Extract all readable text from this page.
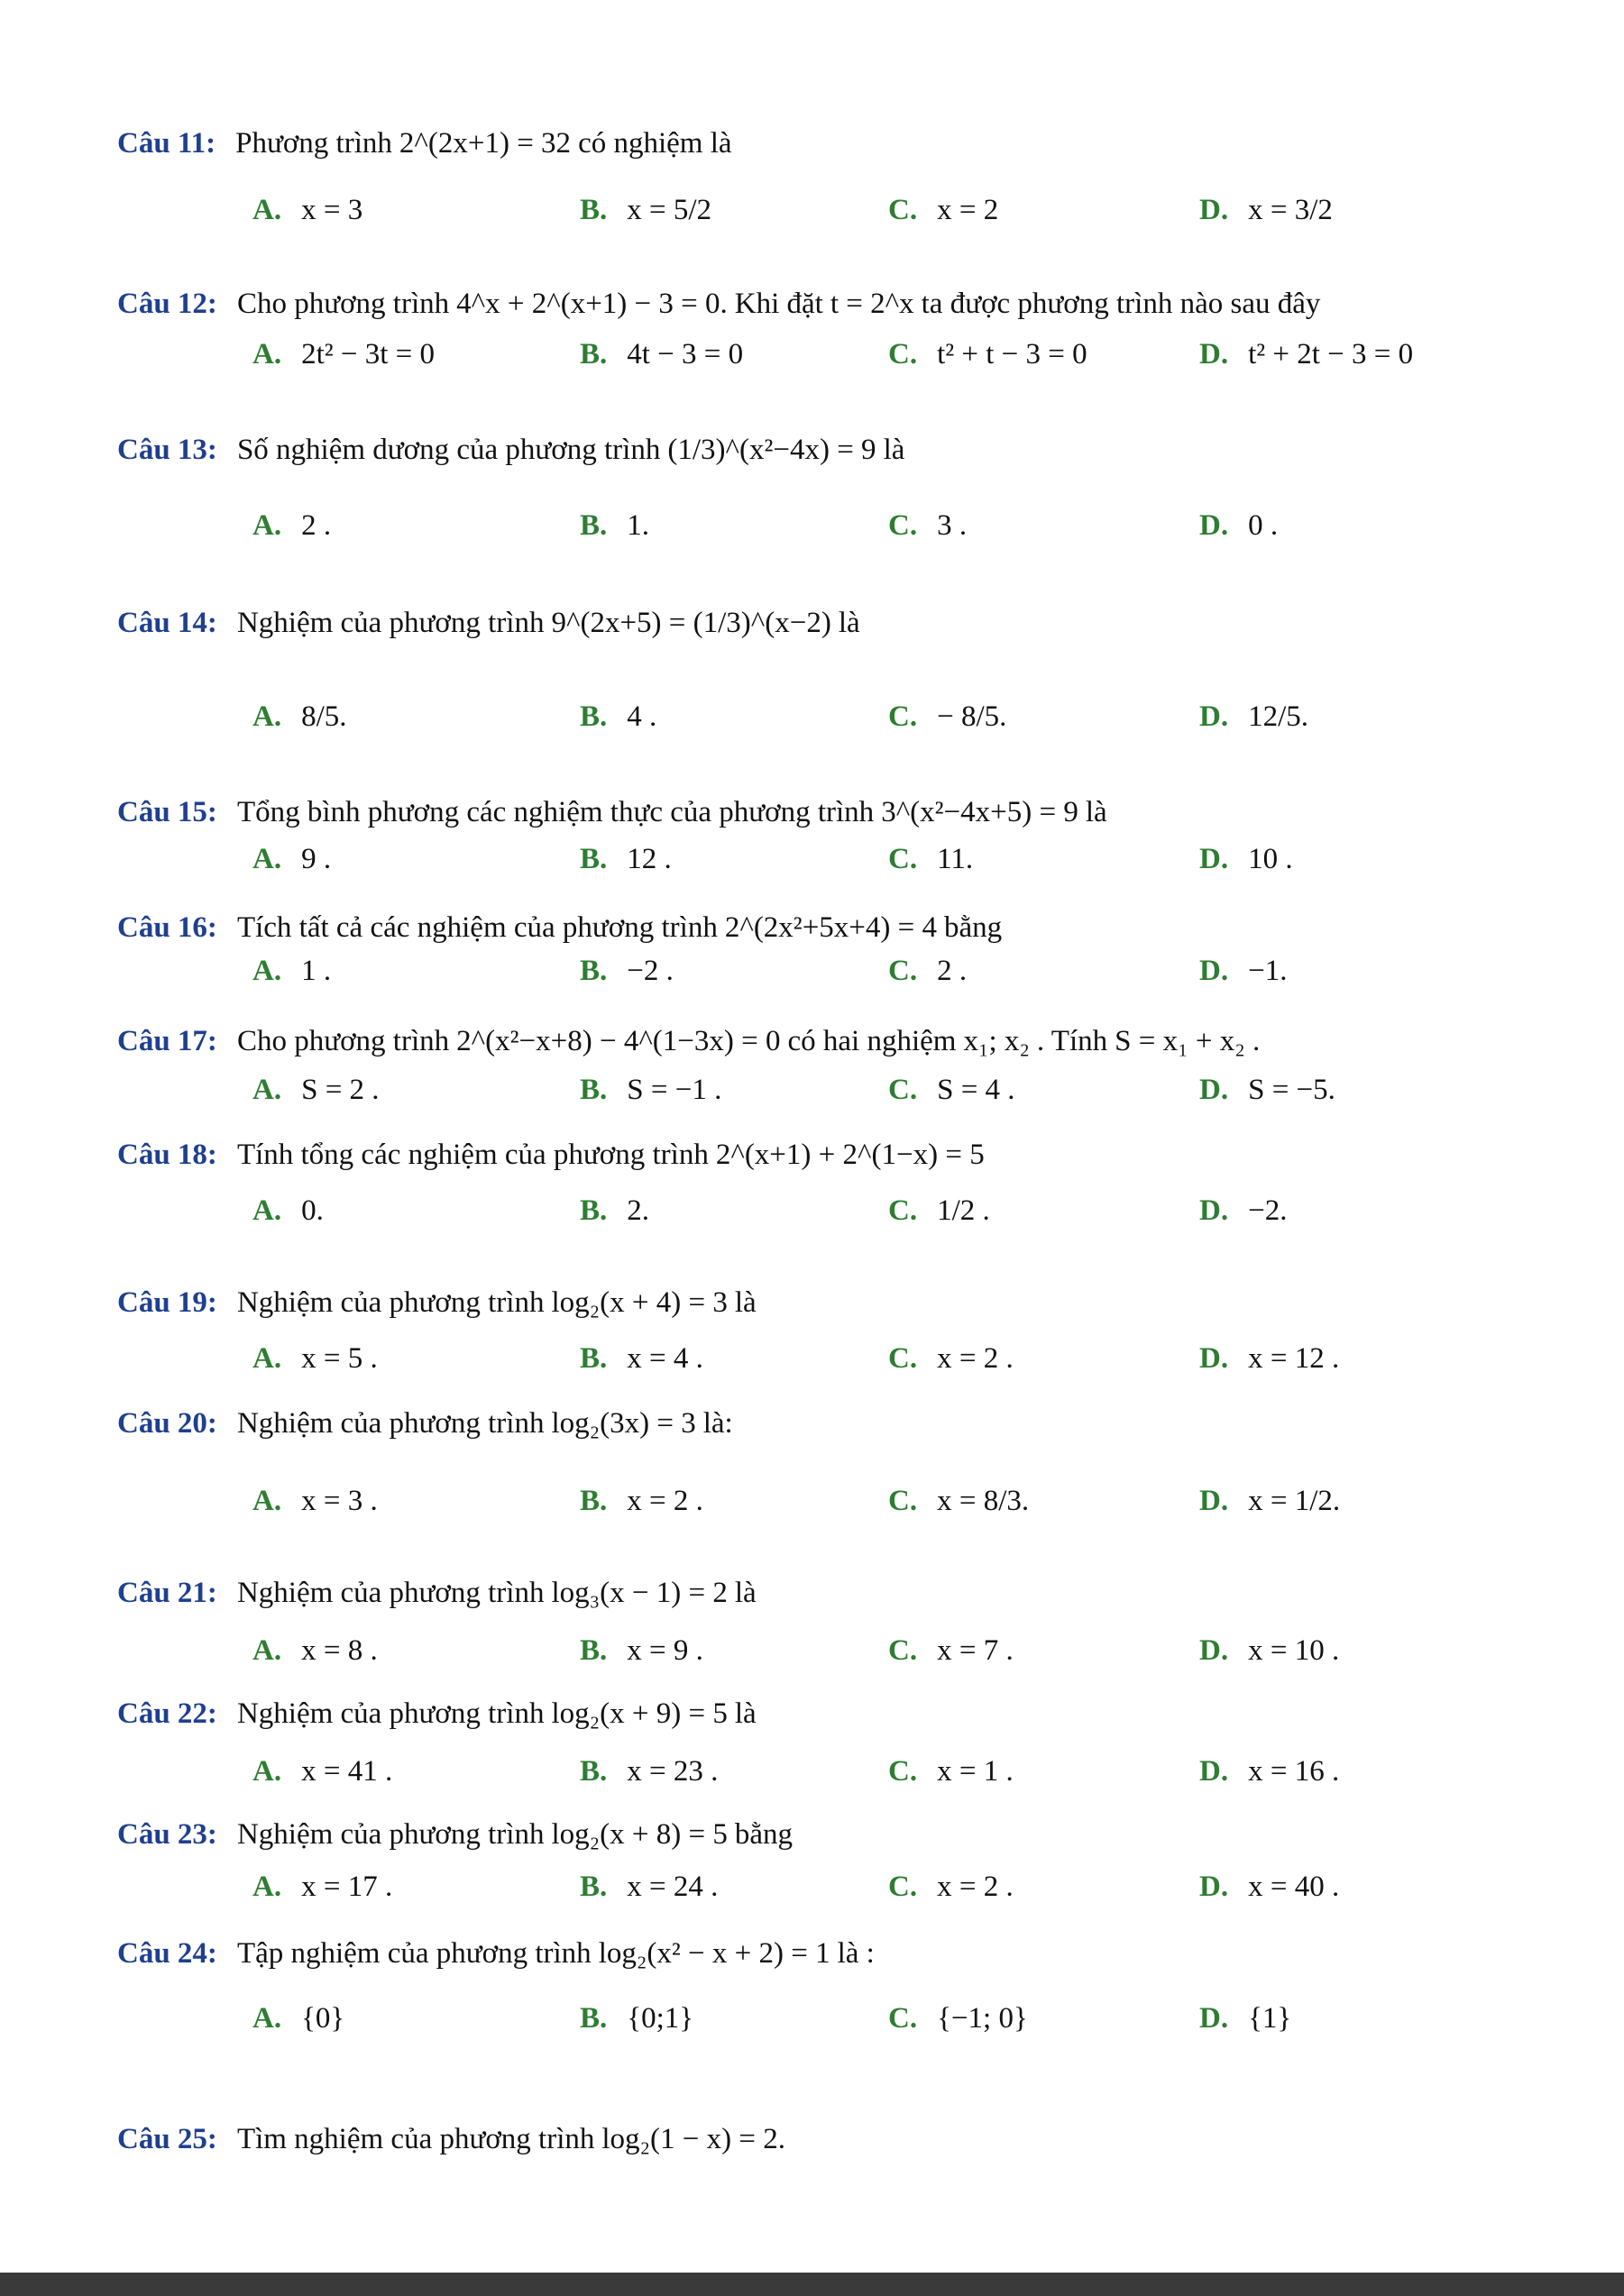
Câu 11: Phương trình 2^(2x+1) = 32 có nghiệm là
A. x = 3	B. x = 5/2	C. x = 2	D. x = 3/2
Câu 12: Cho phương trình 4^x + 2^(x+1) − 3 = 0. Khi đặt t = 2^x ta được phương trình nào sau đây
A. 2t² − 3t = 0	B. 4t − 3 = 0	C. t² + t − 3 = 0	D. t² + 2t − 3 = 0
Câu 13: Số nghiệm dương của phương trình (1/3)^(x²−4x) = 9 là
A. 2 .	B. 1.	C. 3 .	D. 0 .
Câu 14: Nghiệm của phương trình 9^(2x+5) = (1/3)^(x−2) là
A. 8/5.	B. 4 .	C. − 8/5.	D. 12/5.
Câu 15: Tổng bình phương các nghiệm thực của phương trình 3^(x²−4x+5) = 9 là
A. 9 .	B. 12 .	C. 11.	D. 10 .
Câu 16: Tích tất cả các nghiệm của phương trình 2^(2x²+5x+4) = 4 bằng
A. 1 .	B. −2 .	C. 2 .	D. −1.
Câu 17: Cho phương trình 2^(x²−x+8) − 4^(1−3x) = 0 có hai nghiệm x₁; x₂ . Tính S = x₁ + x₂ .
A. S = 2 .	B. S = −1 .	C. S = 4 .	D. S = −5.
Câu 18: Tính tổng các nghiệm của phương trình 2^(x+1) + 2^(1−x) = 5
A. 0.	B. 2.	C. 1/2 .	D. −2.
Câu 19: Nghiệm của phương trình log₂(x + 4) = 3 là
A. x = 5 .	B. x = 4 .	C. x = 2 .	D. x = 12 .
Câu 20: Nghiệm của phương trình log₂(3x) = 3 là:
A. x = 3 .	B. x = 2 .	C. x = 8/3.	D. x = 1/2.
Câu 21: Nghiệm của phương trình log₃(x − 1) = 2 là
A. x = 8 .	B. x = 9 .	C. x = 7 .	D. x = 10 .
Câu 22: Nghiệm của phương trình log₂(x + 9) = 5 là
A. x = 41 .	B. x = 23 .	C. x = 1 .	D. x = 16 .
Câu 23: Nghiệm của phương trình log₂(x + 8) = 5 bằng
A. x = 17 .	B. x = 24 .	C. x = 2 .	D. x = 40 .
Câu 24: Tập nghiệm của phương trình log₂(x² − x + 2) = 1 là :
A. {0}	B. {0;1}	C. {−1; 0}	D. {1}
Câu 25: Tìm nghiệm của phương trình log₂(1 − x) = 2.
